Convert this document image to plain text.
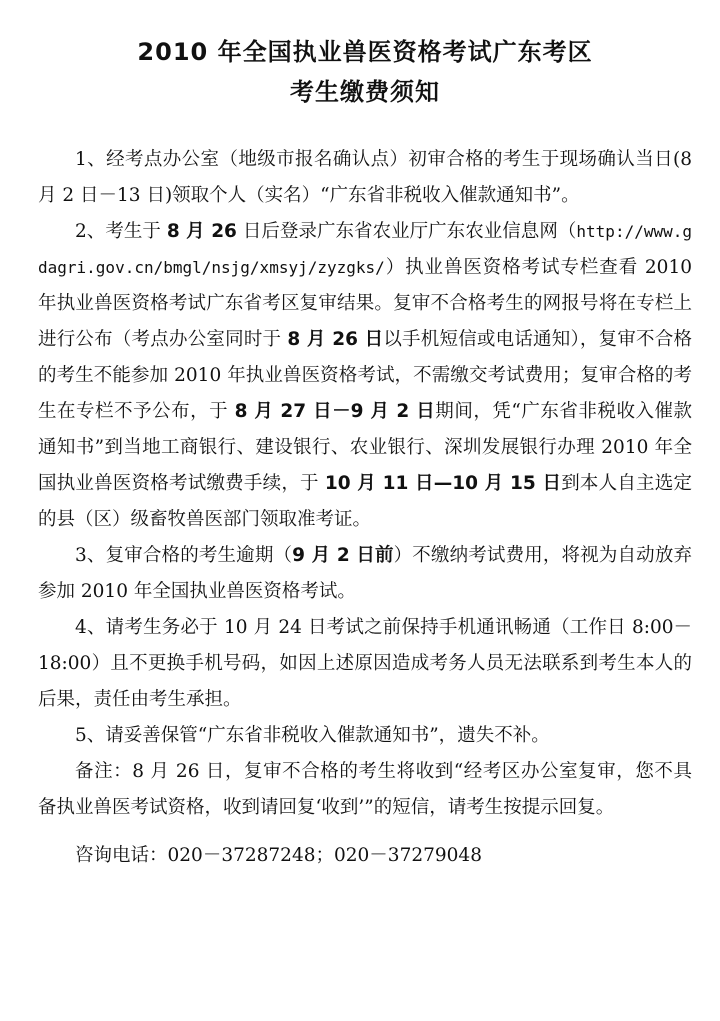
2010 年全国执业兽医资格考试广东考区
考生缴费须知

1、经考点办公室（地级市报名确认点）初审合格的考生于现场确认当日(8 月 2 日－13 日)领取个人（实名）“广东省非税收入催款通知书”。

2、考生于 8 月 26 日后登录广东省农业厅广东农业信息网（http://www.gdagri.gov.cn/bmgl/nsjg/xmsyj/zyzgks/）执业兽医资格考试专栏查看 2010 年执业兽医资格考试广东省考区复审结果。复审不合格考生的网报号将在专栏上进行公布（考点办公室同时于 8 月 26 日以手机短信或电话通知），复审不合格的考生不能参加 2010 年执业兽医资格考试，不需缴交考试费用；复审合格的考生在专栏不予公布，于 8 月 27 日－9 月 2 日期间，凭“广东省非税收入催款通知书”到当地工商银行、建设银行、农业银行、深圳发展银行办理 2010 年全国执业兽医资格考试缴费手续，于 10 月 11 日—10 月 15 日到本人自主选定的县（区）级畜牧兽医部门领取准考证。

3、复审合格的考生逾期（9 月 2 日前）不缴纳考试费用，将视为自动放弃参加 2010 年全国执业兽医资格考试。

4、请考生务必于 10 月 24 日考试之前保持手机通讯畅通（工作日 8:00－18:00）且不更换手机号码，如因上述原因造成考务人员无法联系到考生本人的后果，责任由考生承担。

5、请妥善保管“广东省非税收入催款通知书”，遗失不补。

备注：8 月 26 日，复审不合格的考生将收到“经考区办公室复审，您不具备执业兽医考试资格，收到请回复‘收到’”的短信，请考生按提示回复。

咨询电话：020－37287248；020－37279048
